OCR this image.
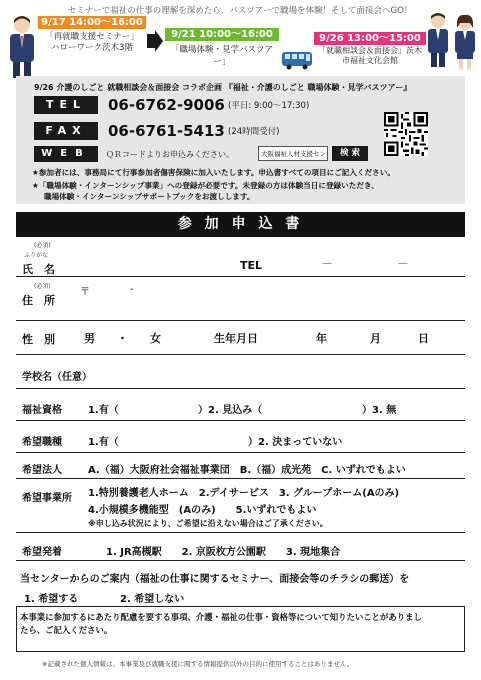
セミナーで福祉の仕事の理解を深めたら、バスツアーで職場を体験！そして面接会へGO！
9/17 14:00～16:00
「再就職支援セミナー」
ハローワーク茨木3階
9/21 10:00～16:00
「職場体験・見学バスツアー」
9/26 13:00～15:00
「就職相談会＆面接会」茨木市福祉文化会館
9/26 介護のしごと 就職相談会＆面接会 コラボ企画 『福祉・介護のしごと 職場体験・見学バスツアー』
TEL	06-6762-9006 (平日: 9:00～17:30)
FAX	06-6761-5413 (24時間受付)
WEB	ＱＲコードよりお申込みください。
大阪福祉人材支援センター	検 索
★参加者には、事務局にて行事参加者傷害保険に加入いたします。申込書すべての項目にご記入ください。
★「職場体験・インターンシップ事業」への登録が必要です。未登録の方は体験当日に登録いただき、
職場体験・インターンシップサポートブックをお渡しします。
参 加 申 込 書
(必須)
ふりがな
氏　名	TEL	—	—
(必須)
住　所
〒	-
性　別	男 ・ 女	生年月日	年	月	日
学校名（任意）
福祉資格	1.有（	）2. 見込み（	）3. 無
希望職種	1.有（	）2. 決まっていない
希望法人	A.（福）大阪府社会福祉事業団　B.（福）成光苑　C. いずれでもよい
希望事業所 1.特別養護老人ホーム　2.デイサービス　3. グループホーム(Aのみ)
4.小規模多機能型　(Aのみ)　　5.いずれでもよい
※申し込み状況により、ご希望に沿えない場合はご了承ください。
希望発着	1. JR高槻駅　　2. 京阪枚方公園駅　　3. 現地集合
当センターからのご案内（福祉の仕事に関するセミナー、面接会等のチラシの郵送）を
1. 希望する	2. 希望しない
本事業に参加するにあたり配慮を要する事項、介護・福祉の仕事・資格等について知りたいことがありまし
たら、ご記入ください。
※記載された個人情報は、本事業及び就職支援に関する情報提供以外の目的に使用することはありません。
